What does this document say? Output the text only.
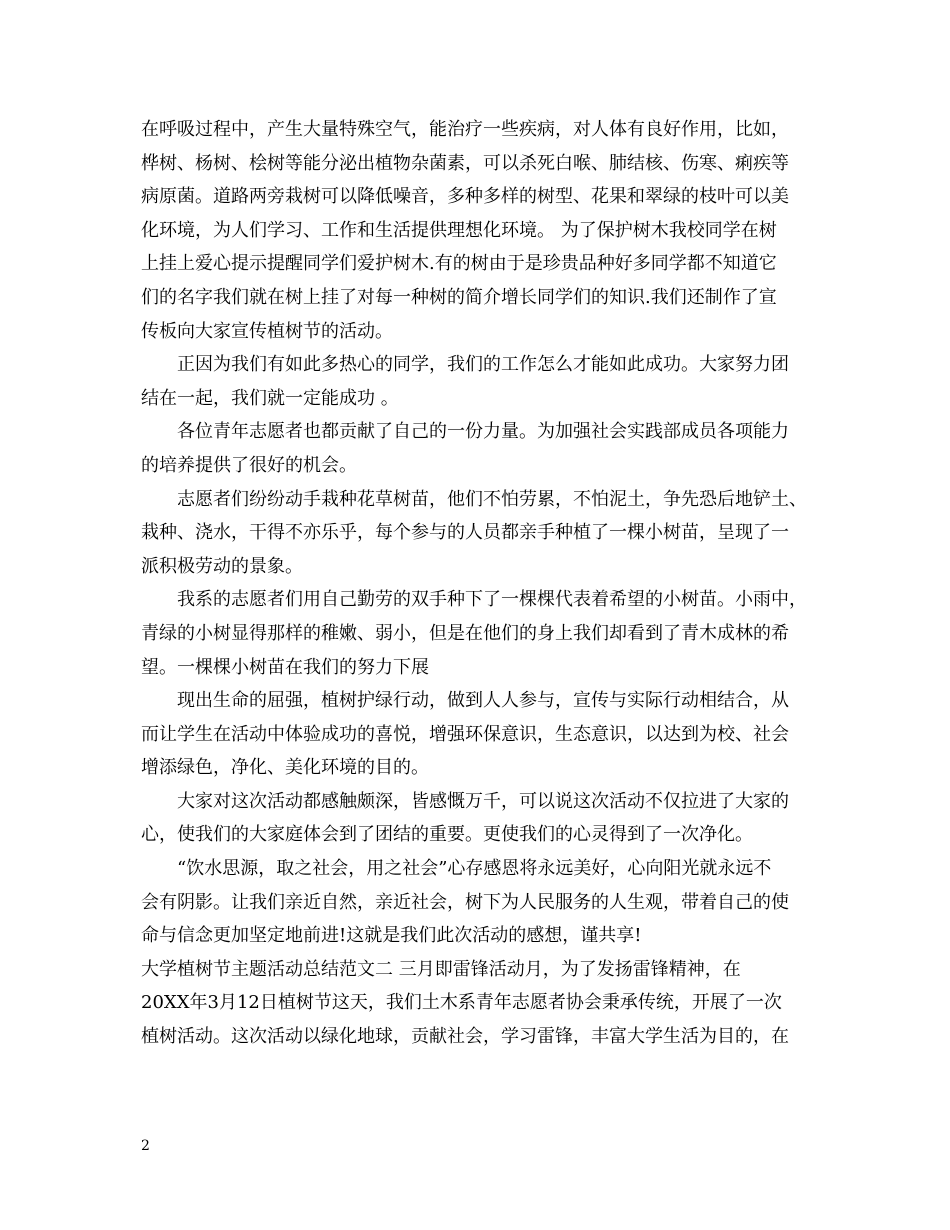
在呼吸过程中，产生大量特殊空气，能治疗一些疾病，对人体有良好作用，比如，
桦树、杨树、桧树等能分泌出植物杂菌素，可以杀死白喉、肺结核、伤寒、痢疾等
病原菌。道路两旁栽树可以降低噪音，多种多样的树型、花果和翠绿的枝叶可以美
化环境，为人们学习、工作和生活提供理想化环境。 为了保护树木我校同学在树
上挂上爱心提示提醒同学们爱护树木.有的树由于是珍贵品种好多同学都不知道它
们的名字我们就在树上挂了对每一种树的简介增长同学们的知识.我们还制作了宣
传板向大家宣传植树节的活动。
正因为我们有如此多热心的同学，我们的工作怎么才能如此成功。大家努力团
结在一起，我们就一定能成功 。
各位青年志愿者也都贡献了自己的一份力量。为加强社会实践部成员各项能力
的培养提供了很好的机会。
志愿者们纷纷动手栽种花草树苗，他们不怕劳累，不怕泥土，争先恐后地铲土、
栽种、浇水，干得不亦乐乎，每个参与的人员都亲手种植了一棵小树苗，呈现了一
派积极劳动的景象。
我系的志愿者们用自己勤劳的双手种下了一棵棵代表着希望的小树苗。小雨中，
青绿的小树显得那样的稚嫩、弱小，但是在他们的身上我们却看到了青木成林的希
望。一棵棵小树苗在我们的努力下展
现出生命的屈强，植树护绿行动，做到人人参与，宣传与实际行动相结合，从
而让学生在活动中体验成功的喜悦，增强环保意识，生态意识，以达到为校、社会
增添绿色，净化、美化环境的目的。
大家对这次活动都感触颇深，皆感慨万千，可以说这次活动不仅拉进了大家的
心，使我们的大家庭体会到了团结的重要。更使我们的心灵得到了一次净化。
“饮水思源，取之社会，用之社会”心存感恩将永远美好，心向阳光就永远不
会有阴影。让我们亲近自然，亲近社会，树下为人民服务的人生观，带着自己的使
命与信念更加坚定地前进!这就是我们此次活动的感想，谨共享!
大学植树节主题活动总结范文二 三月即雷锋活动月，为了发扬雷锋精神，在
20XX年3月12日植树节这天，我们土木系青年志愿者协会秉承传统，开展了一次
植树活动。这次活动以绿化地球，贡献社会，学习雷锋，丰富大学生活为目的，在
2
